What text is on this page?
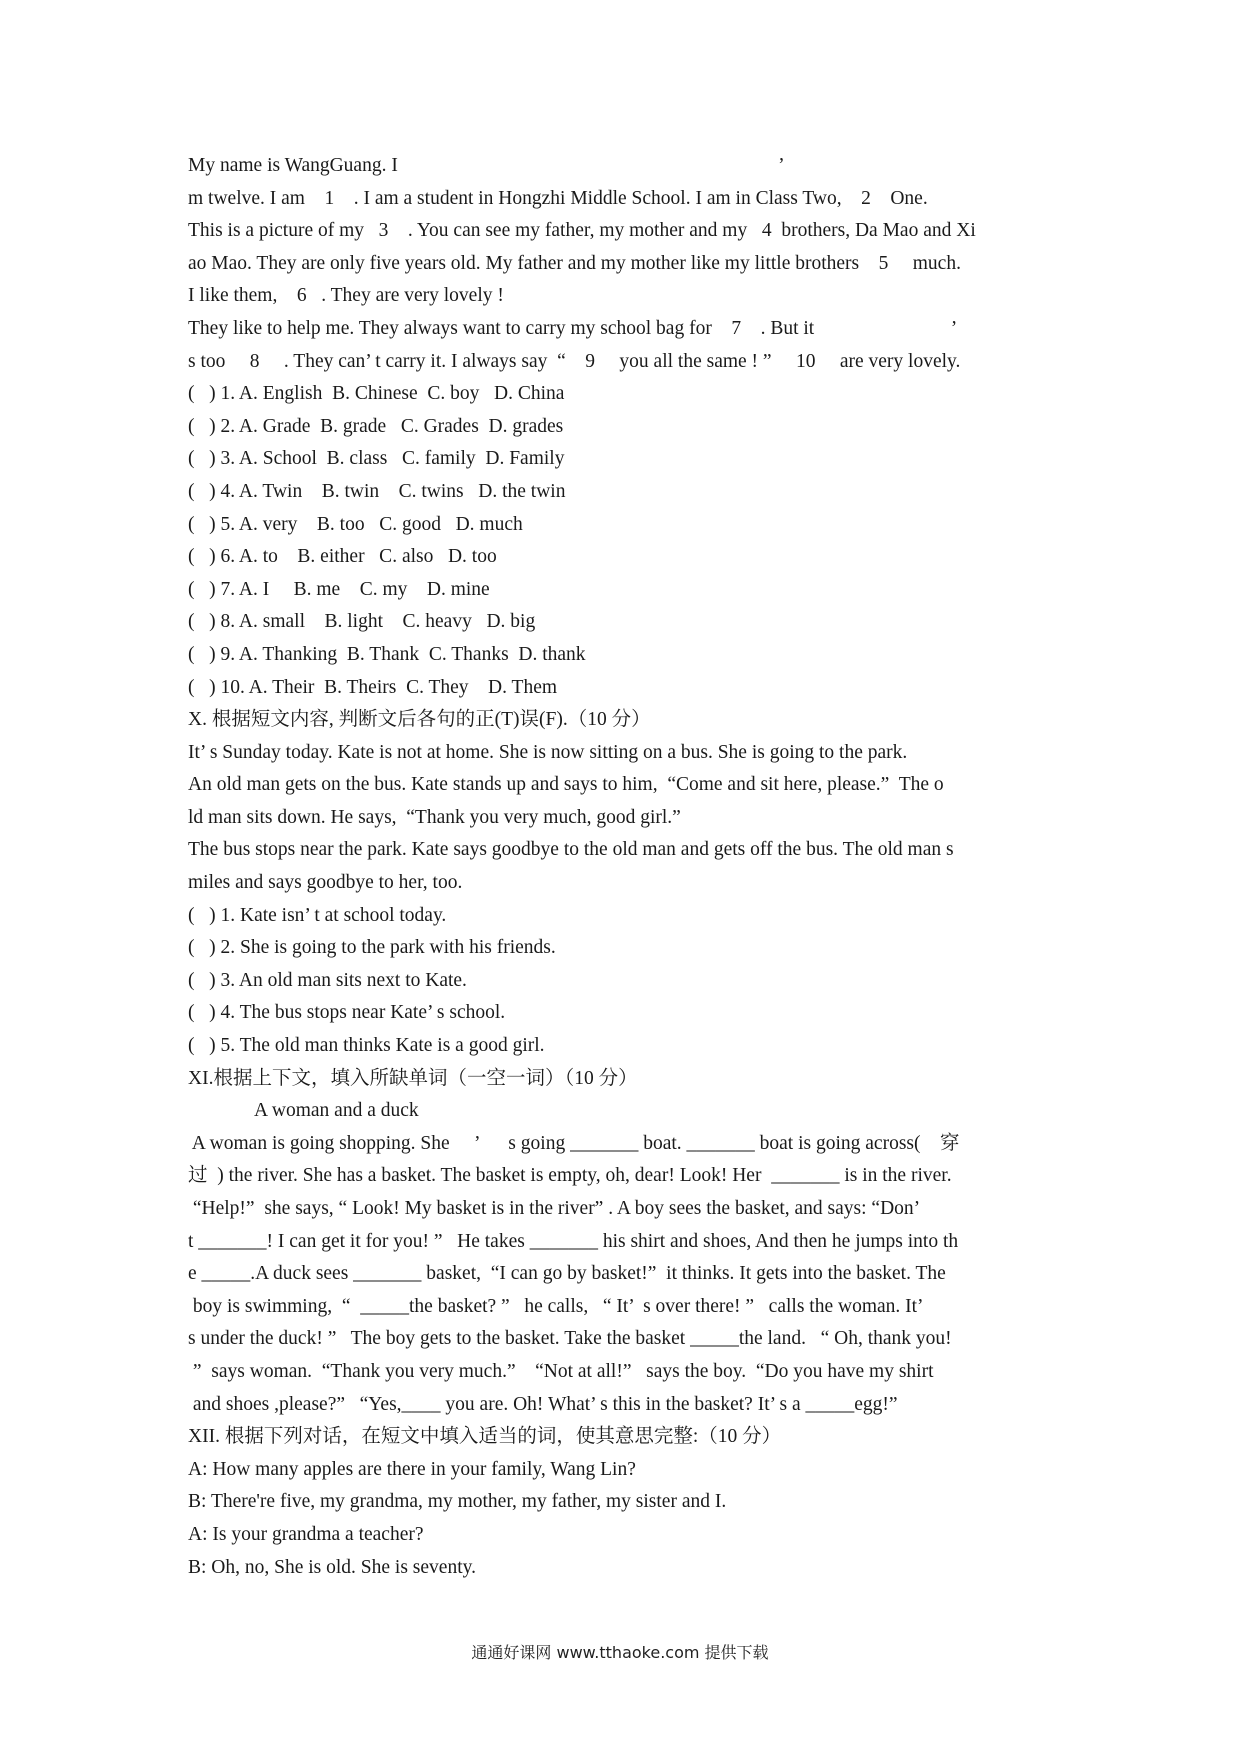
My name is WangGuang. I                                                                              ’
m twelve. I am    1    . I am a student in Hongzhi Middle School. I am in Class Two,    2    One.
This is a picture of my   3    . You can see my father, my mother and my   4  brothers, Da Mao and Xi
ao Mao. They are only five years old. My father and my mother like my little brothers    5     much.
I like them,    6   . They are very lovely !
They like to help me. They always want to carry my school bag for    7    . But it                            ’
s too     8     . They can’ t carry it. I always say  “    9     you all the same ! ”     10     are very lovely.
(   ) 1. A. English  B. Chinese  C. boy   D. China
(   ) 2. A. Grade  B. grade   C. Grades  D. grades
(   ) 3. A. School  B. class   C. family  D. Family
(   ) 4. A. Twin    B. twin    C. twins   D. the twin
(   ) 5. A. very    B. too   C. good   D. much
(   ) 6. A. to    B. either   C. also   D. too
(   ) 7. A. I     B. me    C. my    D. mine
(   ) 8. A. small    B. light    C. heavy   D. big
(   ) 9. A. Thanking  B. Thank  C. Thanks  D. thank
(   ) 10. A. Their  B. Theirs  C. They    D. Them
X. 根据短文内容, 判断文后各句的正(T)误(F).（10 分）
It’ s Sunday today. Kate is not at home. She is now sitting on a bus. She is going to the park.
An old man gets on the bus. Kate stands up and says to him,  “Come and sit here, please.”  The o
ld man sits down. He says,  “Thank you very much, good girl.”
The bus stops near the park. Kate says goodbye to the old man and gets off the bus. The old man s
miles and says goodbye to her, too.
(   ) 1. Kate isn’ t at school today.
(   ) 2. She is going to the park with his friends.
(   ) 3. An old man sits next to Kate.
(   ) 4. The bus stops near Kate’ s school.
(   ) 5. The old man thinks Kate is a good girl.
XI.根据上下文，填入所缺单词（一空一词）（10 分）
A woman and a duck
A woman is going shopping. She     ’      s going _______ boat. _______ boat is going across(    穿
过  ) the river. She has a basket. The basket is empty, oh, dear! Look! Her  _______ is in the river.
“Help!”  she says, “ Look! My basket is in the river” . A boy sees the basket, and says: “Don’
t _______! I can get it for you! ”   He takes _______ his shirt and shoes, And then he jumps into th
e _____.A duck sees _______ basket,  “I can go by basket!”  it thinks. It gets into the basket. The
boy is swimming,  “  _____the basket? ”   he calls,   “ It’  s over there! ”   calls the woman. It’
s under the duck! ”   The boy gets to the basket. Take the basket _____the land.   “ Oh, thank you!
”  says woman.  “Thank you very much.”    “Not at all!”   says the boy.  “Do you have my shirt
and shoes ,please?”   “Yes,____ you are. Oh! What’ s this in the basket? It’ s a _____egg!”
XII. 根据下列对话，在短文中填入适当的词，使其意思完整:（10 分）
A: How many apples are there in your family, Wang Lin?
B: There're five, my grandma, my mother, my father, my sister and I.
A: Is your grandma a teacher?
B: Oh, no, She is old. She is seventy.
通通好课网 www.tthaoke.com 提供下载
